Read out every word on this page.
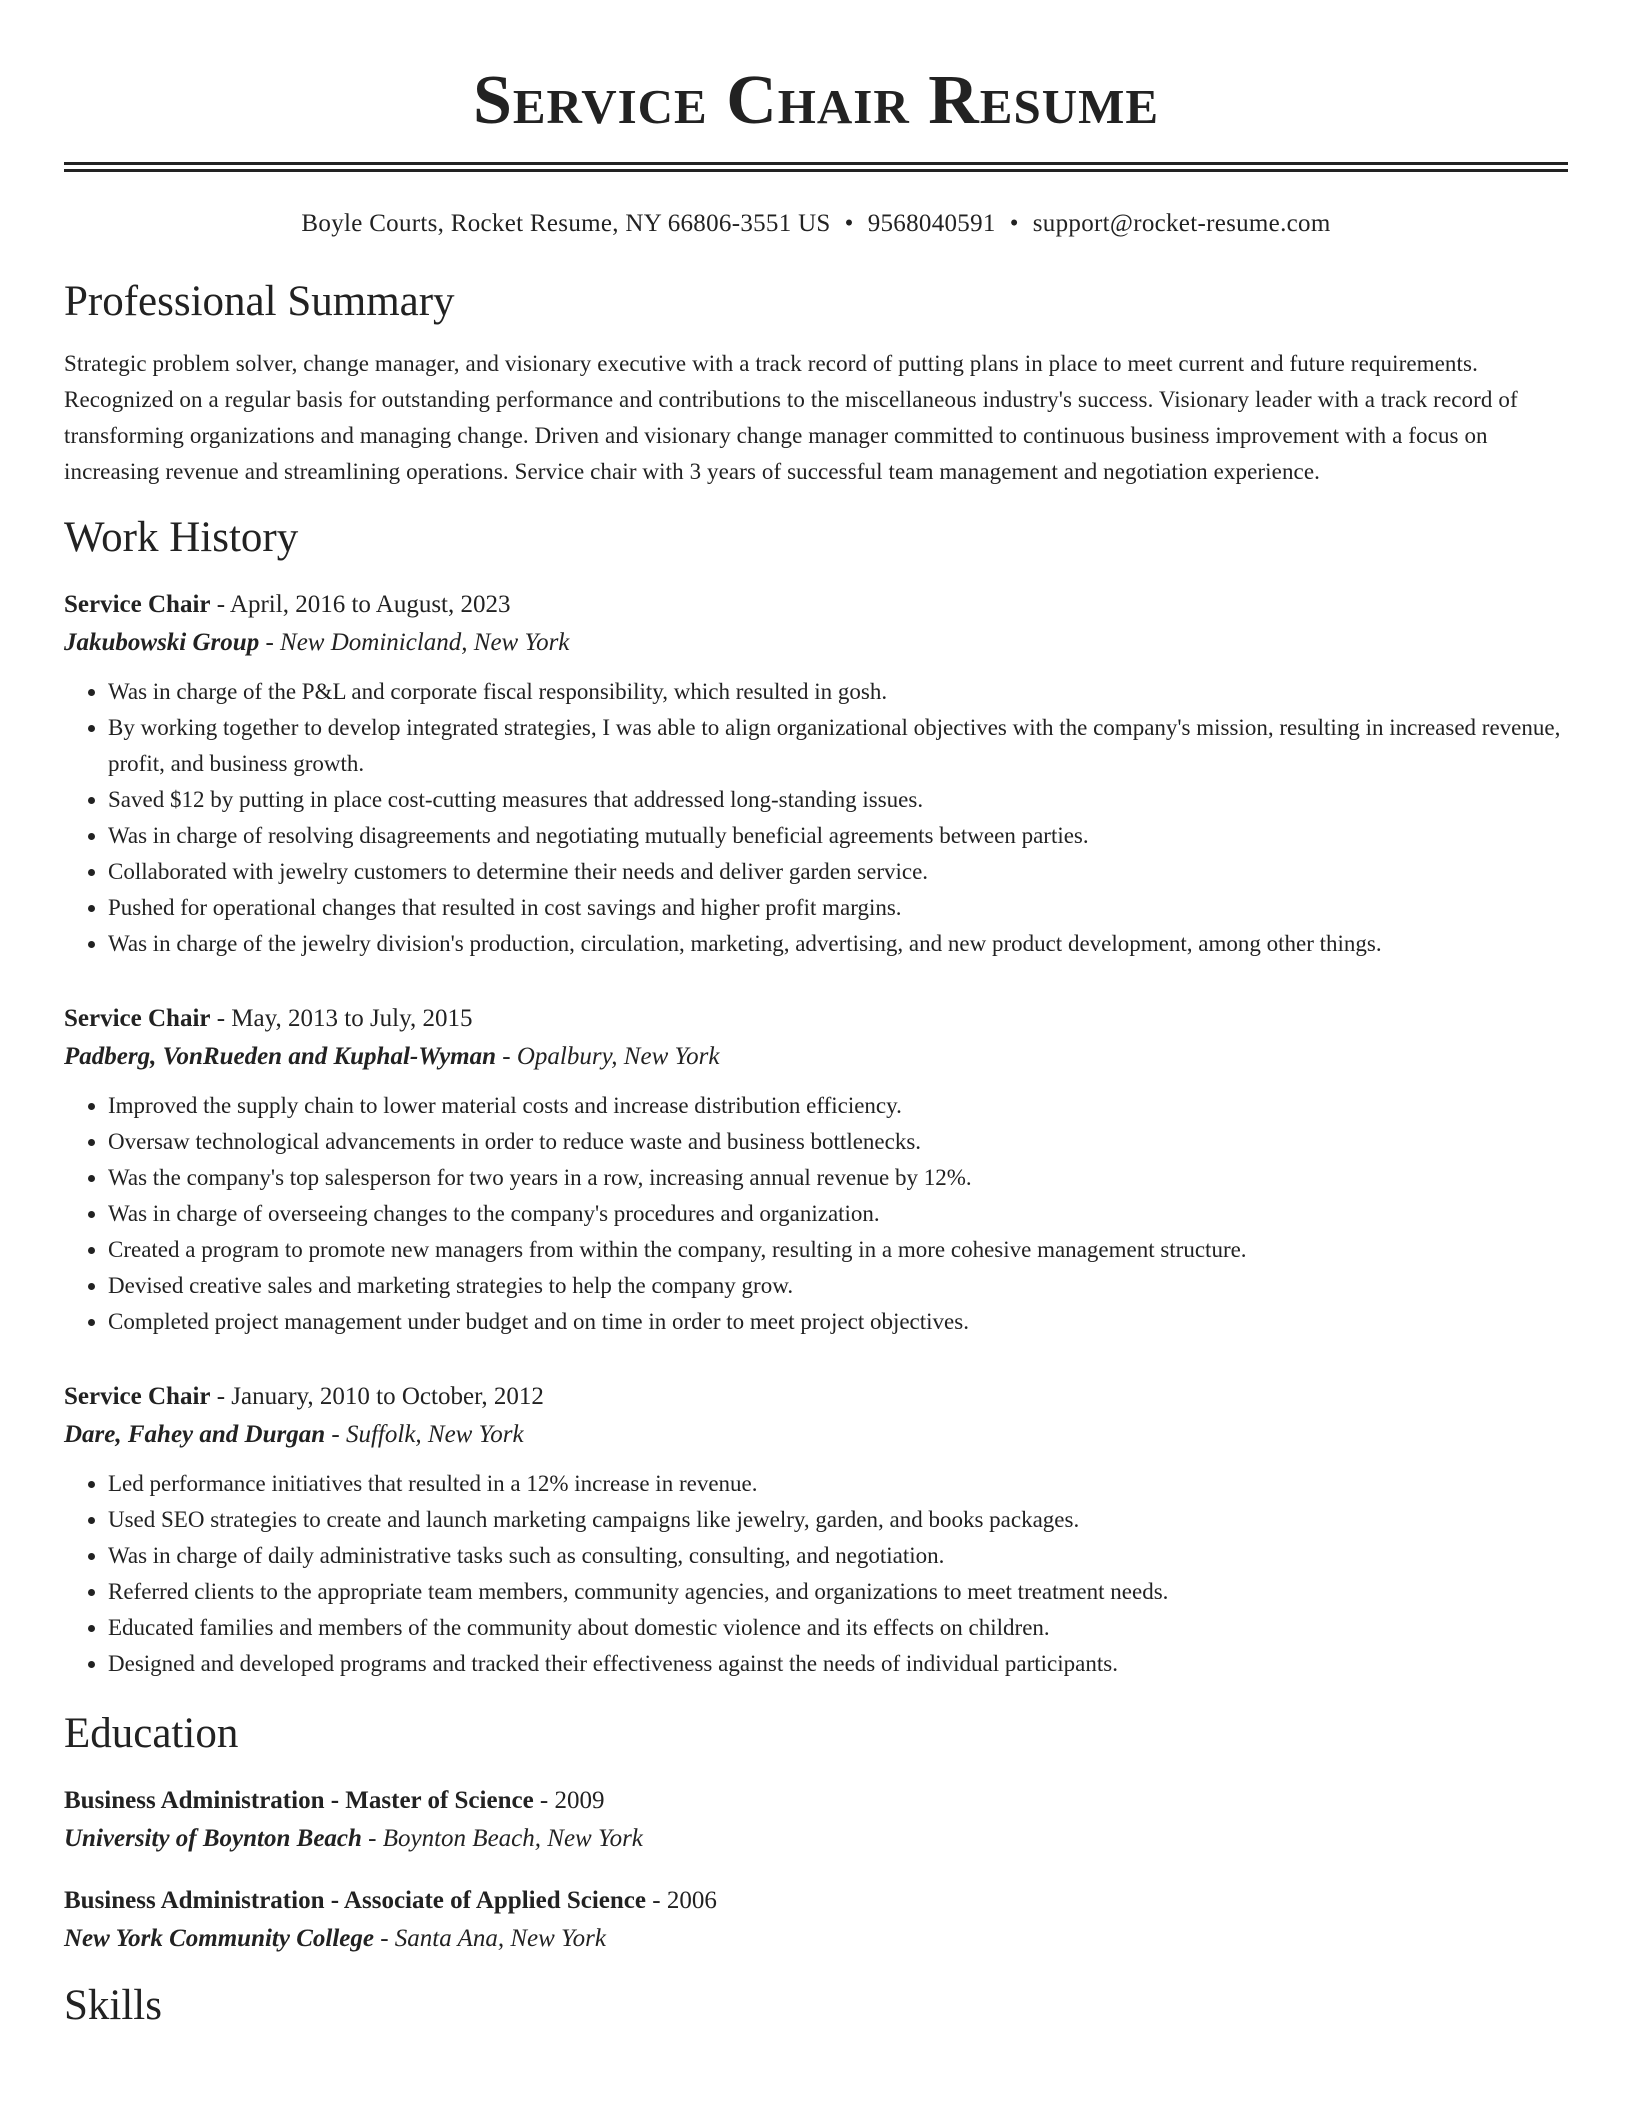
Service Chair Resume
Boyle Courts, Rocket Resume, NY 66806-3551 US • 9568040591 • support@rocket-resume.com
Professional Summary
Strategic problem solver, change manager, and visionary executive with a track record of putting plans in place to meet current and future requirements. Recognized on a regular basis for outstanding performance and contributions to the miscellaneous industry's success. Visionary leader with a track record of transforming organizations and managing change. Driven and visionary change manager committed to continuous business improvement with a focus on increasing revenue and streamlining operations. Service chair with 3 years of successful team management and negotiation experience.
Work History
Service Chair - April, 2016 to August, 2023
Jakubowski Group - New Dominicland, New York
• Was in charge of the P&L and corporate fiscal responsibility, which resulted in gosh.
• By working together to develop integrated strategies, I was able to align organizational objectives with the company's mission, resulting in increased revenue, profit, and business growth.
• Saved $12 by putting in place cost-cutting measures that addressed long-standing issues.
• Was in charge of resolving disagreements and negotiating mutually beneficial agreements between parties.
• Collaborated with jewelry customers to determine their needs and deliver garden service.
• Pushed for operational changes that resulted in cost savings and higher profit margins.
• Was in charge of the jewelry division's production, circulation, marketing, advertising, and new product development, among other things.
Service Chair - May, 2013 to July, 2015
Padberg, VonRueden and Kuphal-Wyman - Opalbury, New York
• Improved the supply chain to lower material costs and increase distribution efficiency.
• Oversaw technological advancements in order to reduce waste and business bottlenecks.
• Was the company's top salesperson for two years in a row, increasing annual revenue by 12%.
• Was in charge of overseeing changes to the company's procedures and organization.
• Created a program to promote new managers from within the company, resulting in a more cohesive management structure.
• Devised creative sales and marketing strategies to help the company grow.
• Completed project management under budget and on time in order to meet project objectives.
Service Chair - January, 2010 to October, 2012
Dare, Fahey and Durgan - Suffolk, New York
• Led performance initiatives that resulted in a 12% increase in revenue.
• Used SEO strategies to create and launch marketing campaigns like jewelry, garden, and books packages.
• Was in charge of daily administrative tasks such as consulting, consulting, and negotiation.
• Referred clients to the appropriate team members, community agencies, and organizations to meet treatment needs.
• Educated families and members of the community about domestic violence and its effects on children.
• Designed and developed programs and tracked their effectiveness against the needs of individual participants.
Education
Business Administration - Master of Science - 2009
University of Boynton Beach - Boynton Beach, New York
Business Administration - Associate of Applied Science - 2006
New York Community College - Santa Ana, New York
Skills
